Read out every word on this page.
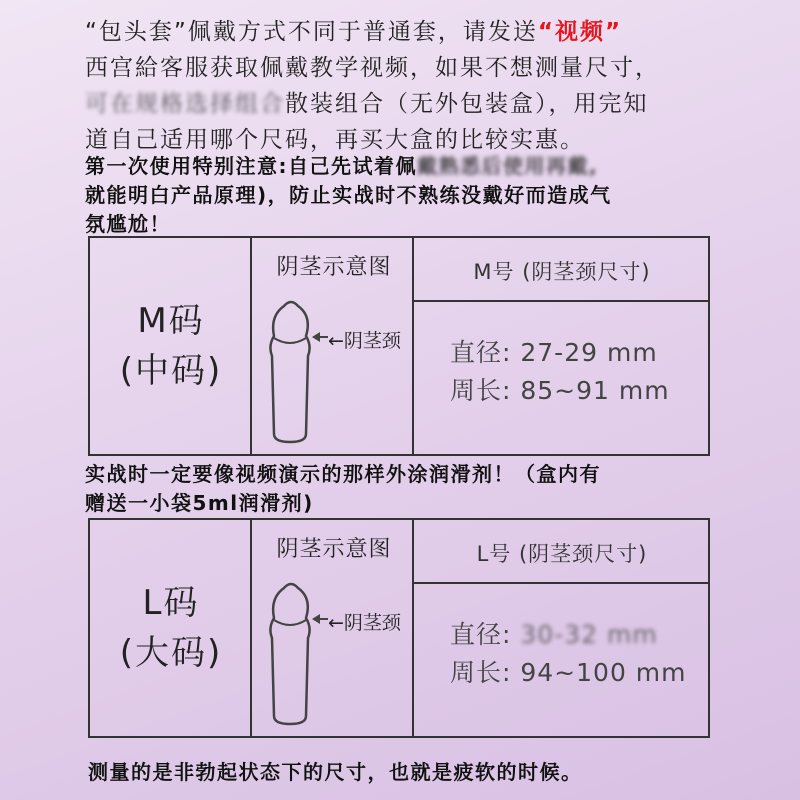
“包头套”佩戴方式不同于普通套，请发送“视频”

西宫給客服获取佩戴教学视频，如果不想测量尺寸，

可在规格选择组合散装组合（无外包装盒），用完知

道自己适用哪个尺码，再买大盒的比较实惠。

第一次使用特别注意:自己先试着佩戴熟悉后使用再戴,

就能明白产品原理)，防止实战时不熟练没戴好而造成气

氛尴尬！

M码
(中码)
阴茎示意图
←阴茎颈
M号 (阴茎颈尺寸)
直径: 27-29 mm
周长: 85~91 mm

实战时一定要像视频演示的那样外涂润滑剂！（盒内有

赠送一小袋5ml润滑剂)

L码
(大码)
阴茎示意图
←阴茎颈
L号 (阴茎颈尺寸)
直径: 30-32 mm
周长: 94~100 mm
测量的是非勃起状态下的尺寸，也就是疲软的时候。
